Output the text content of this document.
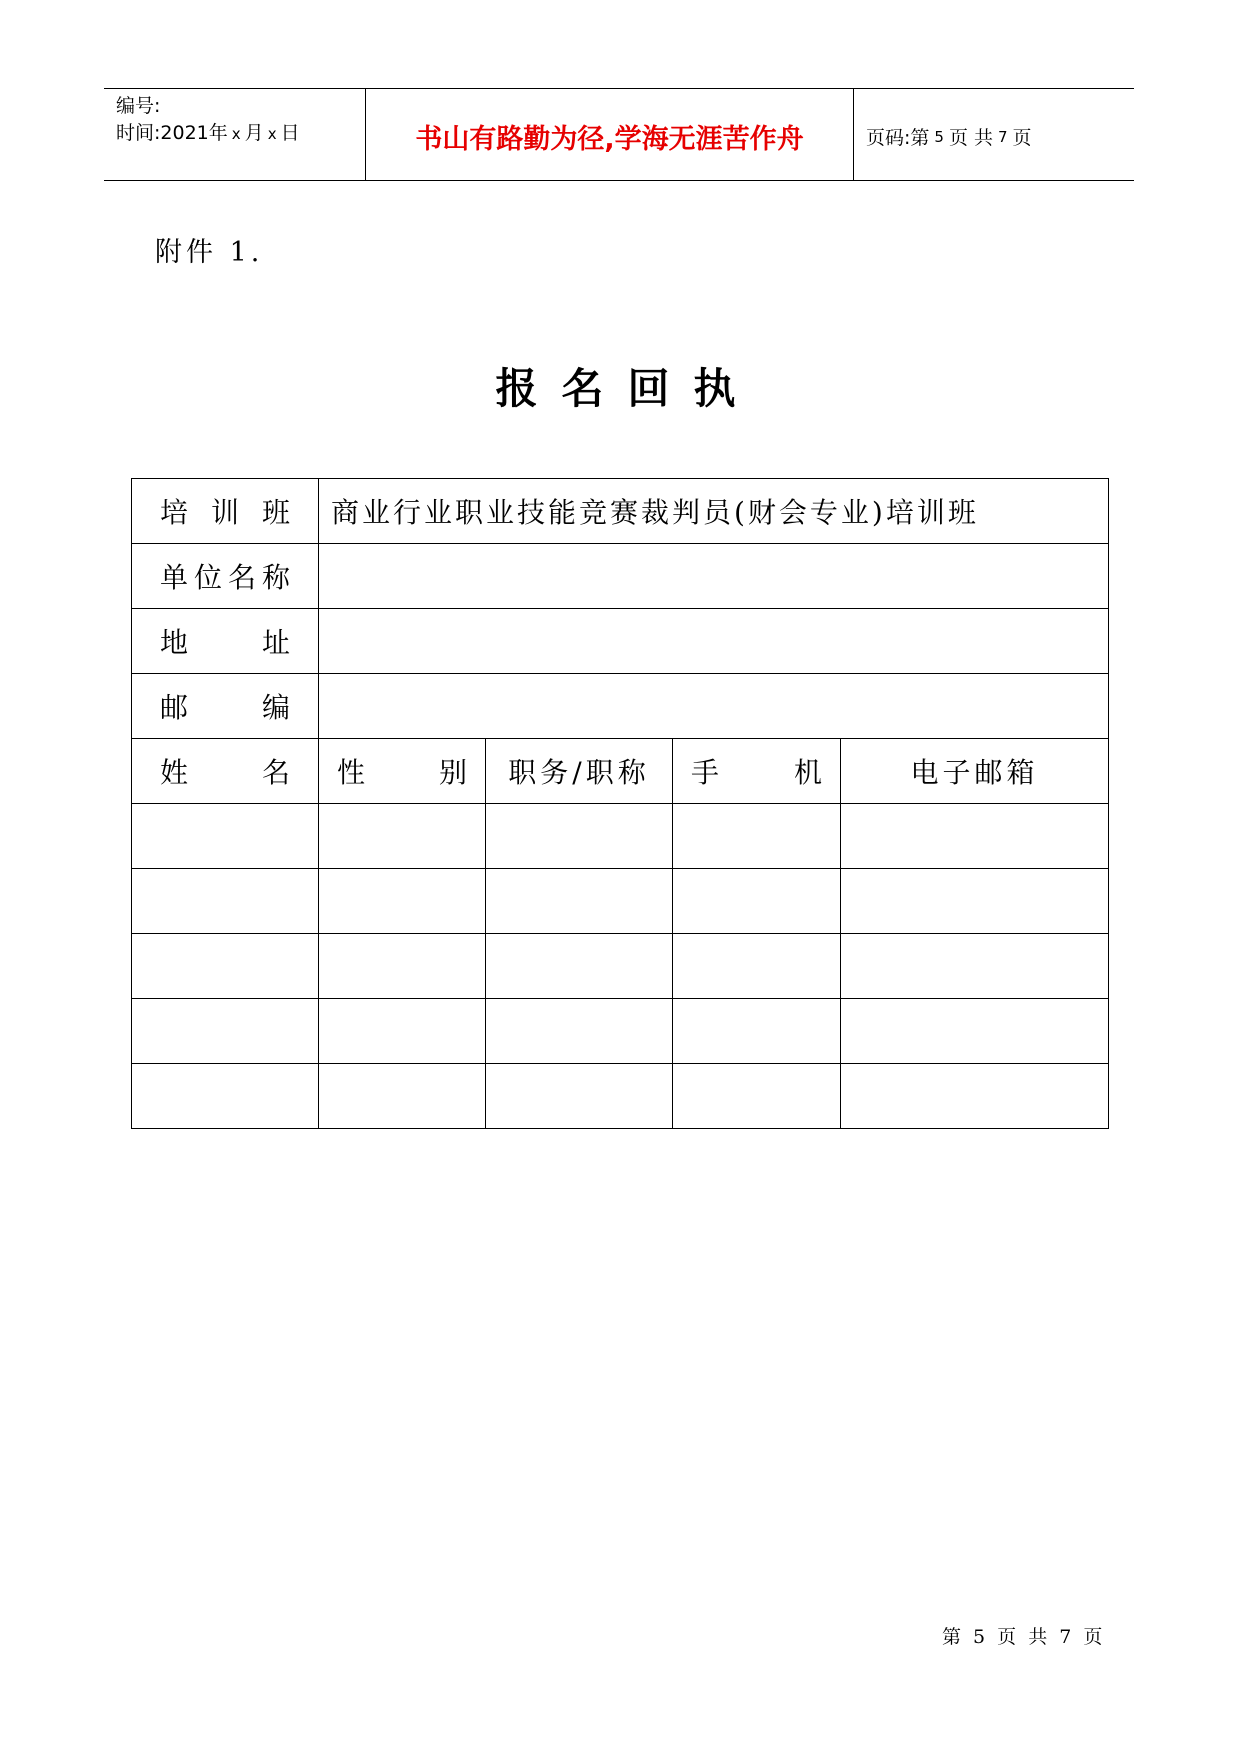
编号:
时间:2021年 x 月 x 日	书山有路勤为径,学海无涯苦作舟	页码:第 5 页 共 7 页
附件 1.
报名回执
培训班	商业行业职业技能竞赛裁判员(财会专业)培训班			
单位名称				
地址				
邮编				
姓名	性别	职务/职称	手机	电子邮箱

第 5 页 共 7 页
